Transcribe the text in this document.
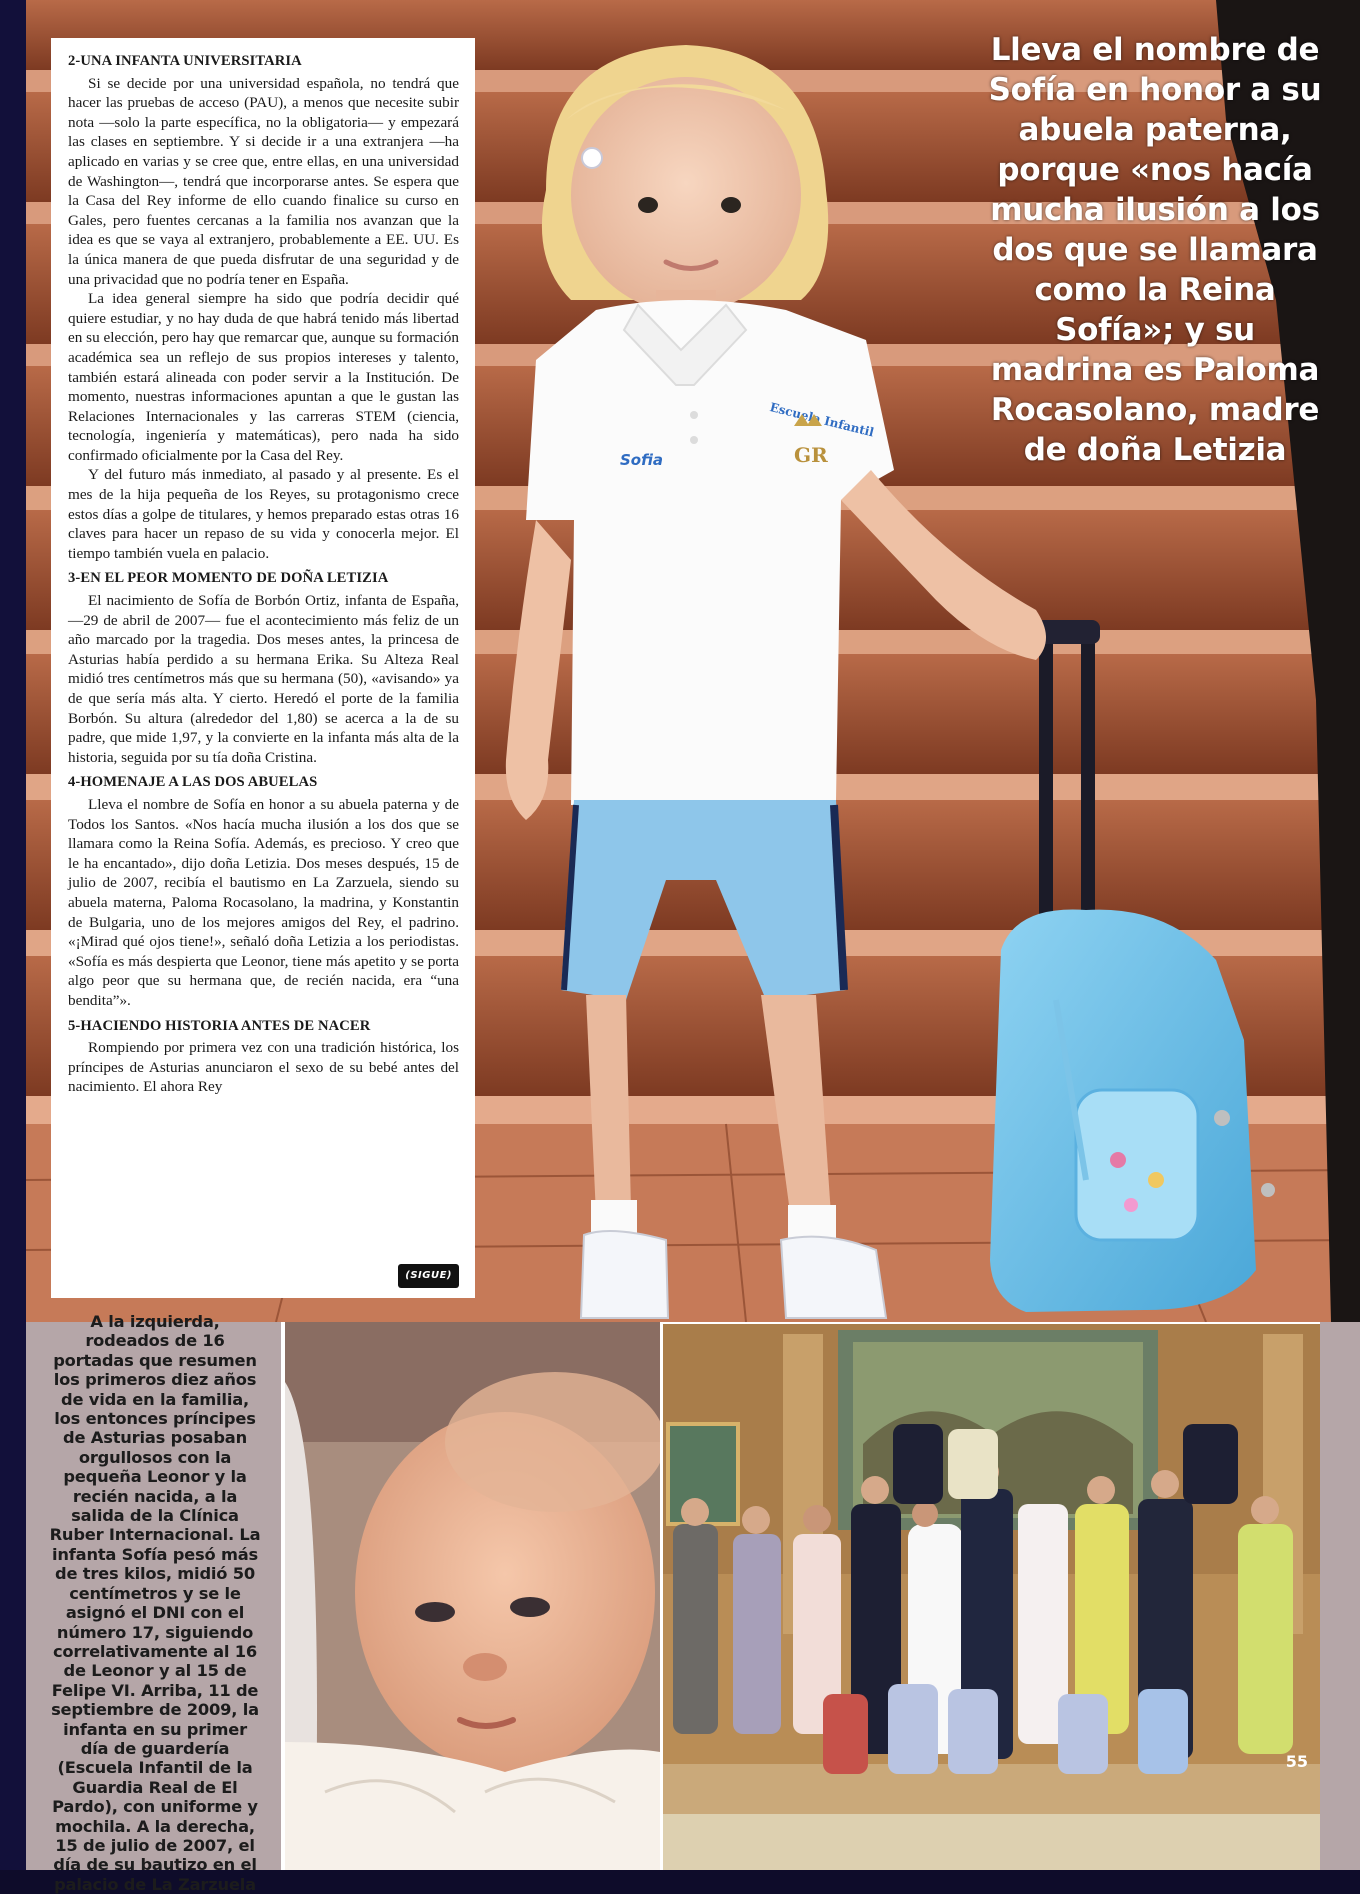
Sofia
Escuela Infantil
GR
2-UNA INFANTA UNIVERSITARIA

Si se decide por una universidad española, no tendrá que hacer las pruebas de acceso (PAU), a menos que necesite subir nota —solo la parte específica, no la obligatoria— y empezará las clases en septiembre. Y si decide ir a una extranjera —ha aplicado en varias y se cree que, entre ellas, en una universidad de Washington—, tendrá que incorporarse antes. Se espera que la Casa del Rey informe de ello cuando finalice su curso en Gales, pero fuentes cercanas a la familia nos avanzan que la idea es que se vaya al extranjero, probablemente a EE. UU. Es la única manera de que pueda disfrutar de una seguridad y de una privacidad que no podría tener en España.

La idea general siempre ha sido que podría decidir qué quiere estudiar, y no hay duda de que habrá tenido más libertad en su elección, pero hay que remarcar que, aunque su formación académica sea un reflejo de sus propios intereses y talento, también estará alineada con poder servir a la Institución. De momento, nuestras informaciones apuntan a que le gustan las Relaciones Internacionales y las carreras STEM (ciencia, tecnología, ingeniería y matemáticas), pero nada ha sido confirmado oficialmente por la Casa del Rey.

Y del futuro más inmediato, al pasado y al presente. Es el mes de la hija pequeña de los Reyes, su protagonismo crece estos días a golpe de titulares, y hemos preparado estas otras 16 claves para hacer un repaso de su vida y conocerla mejor. El tiempo también vuela en palacio.

3-EN EL PEOR MOMENTO DE DOÑA LETIZIA

El nacimiento de Sofía de Borbón Ortiz, infanta de España, —29 de abril de 2007— fue el acontecimiento más feliz de un año marcado por la tragedia. Dos meses antes, la princesa de Asturias había perdido a su hermana Erika. Su Alteza Real midió tres centímetros más que su hermana (50), «avisando» ya de que sería más alta. Y cierto. Heredó el porte de la familia Borbón. Su altura (alrededor del 1,80) se acerca a la de su padre, que mide 1,97, y la convierte en la infanta más alta de la historia, seguida por su tía doña Cristina.

4-HOMENAJE A LAS DOS ABUELAS

Lleva el nombre de Sofía en honor a su abuela paterna y de Todos los Santos. «Nos hacía mucha ilusión a los dos que se llamara como la Reina Sofía. Además, es precioso. Y creo que le ha encantado», dijo doña Letizia. Dos meses después, 15 de julio de 2007, recibía el bautismo en La Zarzuela, siendo su abuela materna, Paloma Rocasolano, la madrina, y Konstantin de Bulgaria, uno de los mejores amigos del Rey, el padrino. «¡Mirad qué ojos tiene!», señaló doña Letizia a los periodistas. «Sofía es más despierta que Leonor, tiene más apetito y se porta algo peor que su hermana que, de recién nacida, era “una bendita”».

5-HACIENDO HISTORIA ANTES DE NACER

Rompiendo por primera vez con una tradición histórica, los príncipes de Asturias anunciaron el sexo de su bebé antes del nacimiento. El ahora Rey

(SIGUE)
Lleva el nombre de Sofía en honor a su abuela paterna, porque «nos hacía mucha ilusión a los dos que se llamara como la Reina Sofía»; y su madrina es Paloma Rocasolano, madre de doña Letizia
A la izquierda, rodeados de 16 portadas que resumen los primeros diez años de vida en la familia, los entonces príncipes de Asturias posaban orgullosos con la pequeña Leonor y la recién nacida, a la salida de la Clínica Ruber Internacional. La infanta Sofía pesó más de tres kilos, midió 50 centímetros y se le asignó el DNI con el número 17, siguiendo correlativamente al 16 de Leonor y al 15 de Felipe VI. Arriba, 11 de septiembre de 2009, la infanta en su primer día de guardería (Escuela Infantil de la Guardia Real de El Pardo), con uniforme y mochila. A la derecha, 15 de julio de 2007, el día de su bautizo en el palacio de La Zarzuela
55
